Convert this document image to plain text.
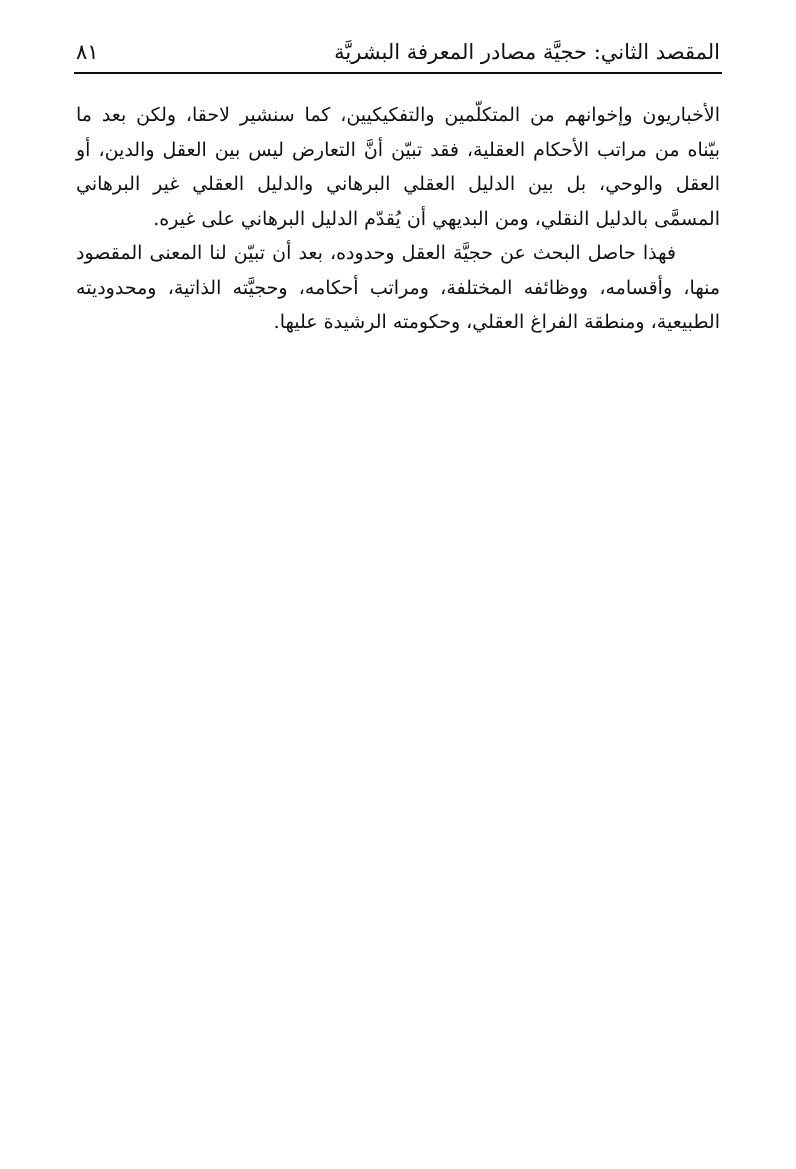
المقصد الثاني: حجيَّة مصادر المعرفة البشريَّة
٨١

الأخباريون وإخوانهم من المتكلّمين والتفكيكيين، كما سنشير لاحقا، ولكن بعد ما بيّناه من مراتب الأحكام العقلية، فقد تبيّن أنَّ التعارض ليس بين العقل والدين، أو العقل والوحي، بل بين الدليل العقلي البرهاني والدليل العقلي غير البرهاني المسمَّى بالدليل النقلي، ومن البديهي أن يُقدّم الدليل البرهاني على غيره.

فهذا حاصل البحث عن حجيَّة العقل وحدوده، بعد أن تبيّن لنا المعنى المقصود منها، وأقسامه، ووظائفه المختلفة، ومراتب أحكامه، وحجيَّته الذاتية، ومحدوديته الطبيعية، ومنطقة الفراغ العقلي، وحكومته الرشيدة عليها.
